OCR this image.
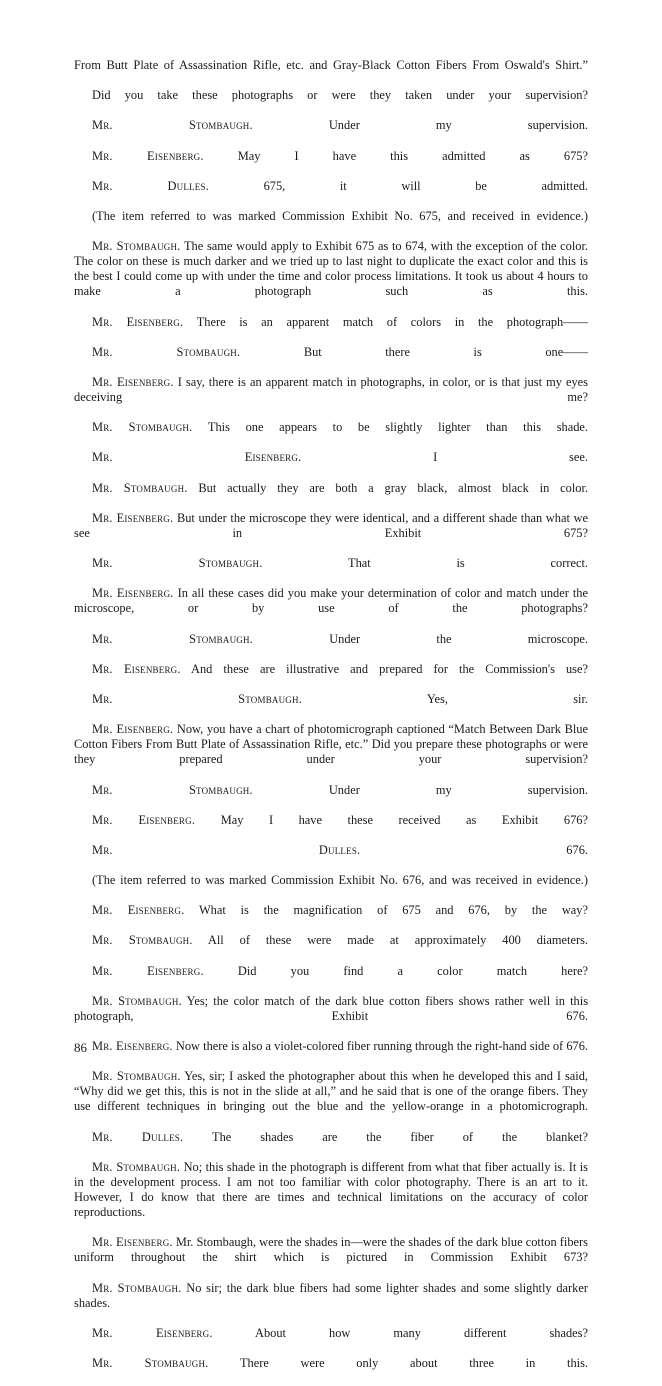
From Butt Plate of Assassination Rifle, etc. and Gray-Black Cotton Fibers From Oswald's Shirt.”
Did you take these photographs or were they taken under your supervision?
Mr. Stombaugh.	Under my supervision.
Mr. Eisenberg.	May I have this admitted as 675?
Mr. Dulles.	675, it will be admitted.
(The item referred to was marked Commission Exhibit No. 675, and received in evidence.)
Mr. Stombaugh. The same would apply to Exhibit 675 as to 674, with the exception of the color. The color on these is much darker and we tried up to last night to duplicate the exact color and this is the best I could come up with under the time and color process limitations. It took us about 4 hours to make a photograph such as this.
Mr. Eisenberg. There is an apparent match of colors in the photograph——
Mr. Stombaugh.	But there is one——
Mr. Eisenberg. I say, there is an apparent match in photographs, in color, or is that just my eyes deceiving me?
Mr. Stombaugh. This one appears to be slightly lighter than this shade.
Mr. Eisenberg.	I see.
Mr. Stombaugh. But actually they are both a gray black, almost black in color.
Mr. Eisenberg. But under the microscope they were identical, and a different shade than what we see in Exhibit 675?
Mr. Stombaugh.	That is correct.
Mr. Eisenberg. In all these cases did you make your determination of color and match under the microscope, or by use of the photographs?
Mr. Stombaugh.	Under the microscope.
Mr. Eisenberg. And these are illustrative and prepared for the Commission's use?
Mr. Stombaugh.	Yes, sir.
Mr. Eisenberg. Now, you have a chart of photomicrograph captioned “Match Between Dark Blue Cotton Fibers From Butt Plate of Assassination Rifle, etc.” Did you prepare these photographs or were they prepared under your supervision?
Mr. Stombaugh.	Under my supervision.
Mr. Eisenberg. May I have these received as Exhibit 676?
Mr. Dulles.	676.
(The item referred to was marked Commission Exhibit No. 676, and was received in evidence.)
Mr. Eisenberg. What is the magnification of 675 and 676, by the way?
Mr. Stombaugh. All of these were made at approximately 400 diameters.
Mr. Eisenberg.	Did you find a color match here?
Mr. Stombaugh. Yes; the color match of the dark blue cotton fibers shows rather well in this photograph, Exhibit 676.
Mr. Eisenberg. Now there is also a violet-colored fiber running through the right-hand side of 676.
Mr. Stombaugh. Yes, sir; I asked the photographer about this when he developed this and I said, “Why did we get this, this is not in the slide at all,” and he said that is one of the orange fibers. They use different techniques in bringing out the blue and the yellow-orange in a photomicrograph.
Mr. Dulles. The shades are the fiber of the blanket?
Mr. Stombaugh. No; this shade in the photograph is different from what that fiber actually is. It is in the development process. I am not too familiar with color photography. There is an art to it. However, I do know that there are times and technical limitations on the accuracy of color reproductions.
Mr. Eisenberg. Mr. Stombaugh, were the shades in—were the shades of the dark blue cotton fibers uniform throughout the shirt which is pictured in Commission Exhibit 673?
Mr. Stombaugh. No sir; the dark blue fibers had some lighter shades and some slightly darker shades.
Mr. Eisenberg.	About how many different shades?
Mr. Stombaugh.	There were only about three in this.
86
